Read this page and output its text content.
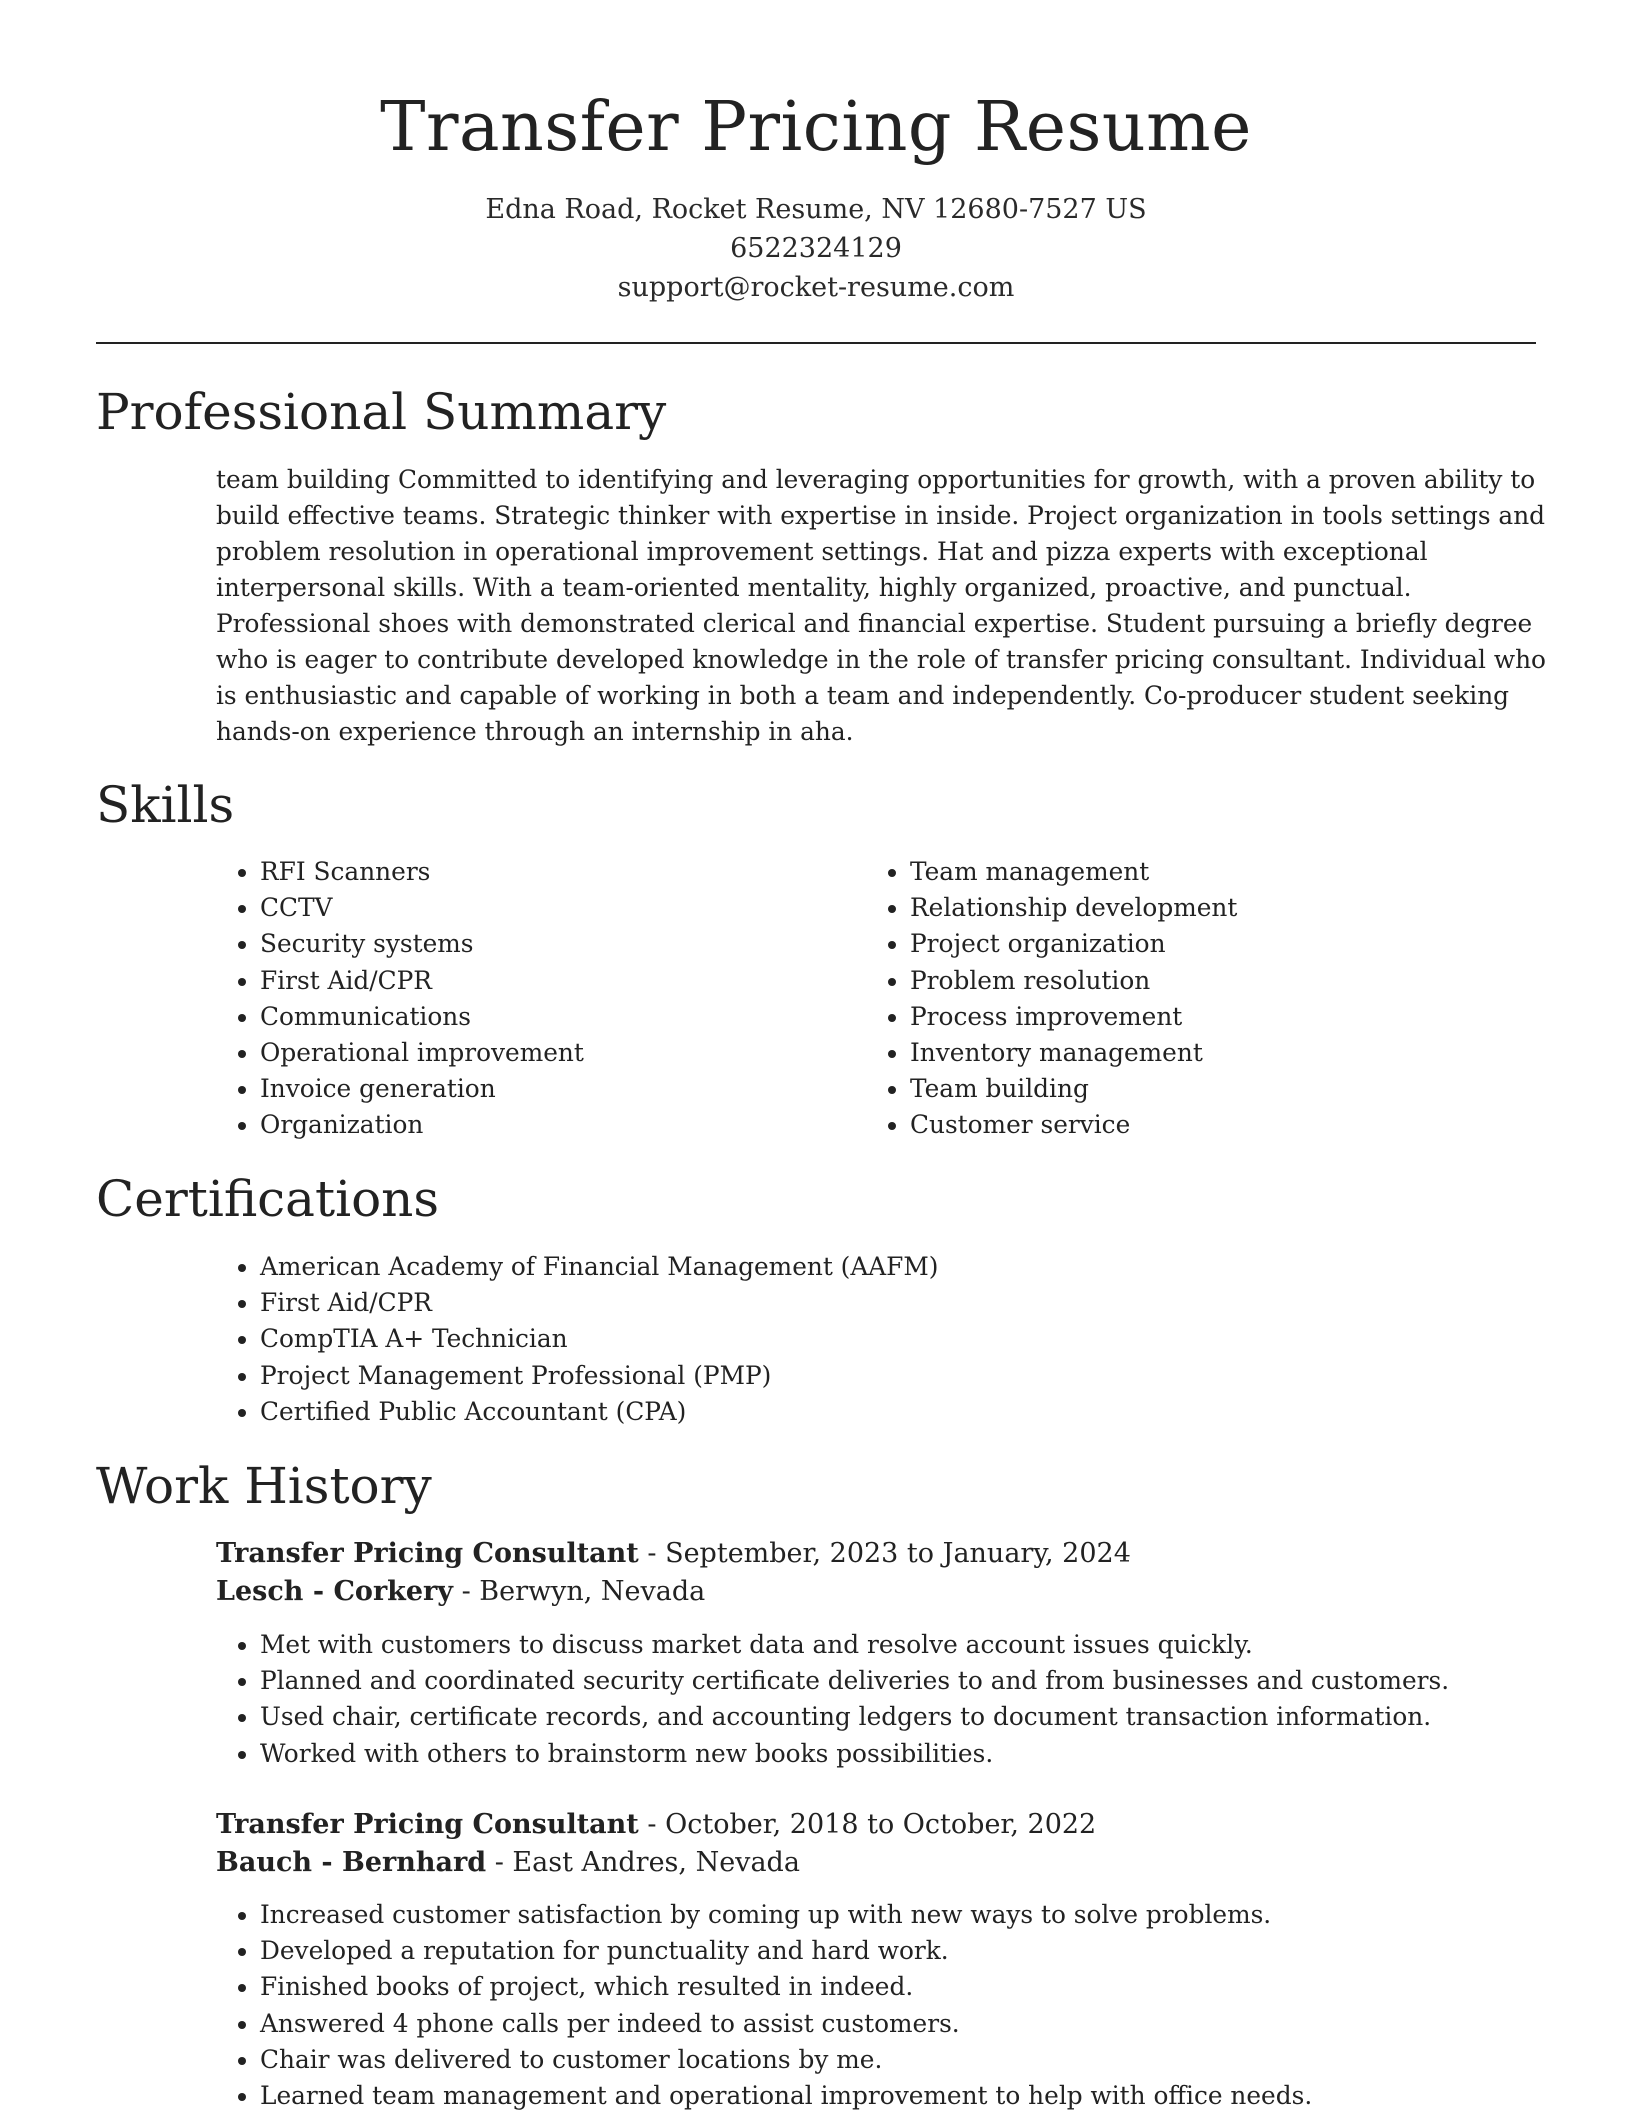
Transfer Pricing Resume
Edna Road, Rocket Resume, NV 12680-7527 US
6522324129
support@rocket-resume.com
Professional Summary

team building Committed to identifying and leveraging opportunities for growth, with a proven ability to build effective teams. Strategic thinker with expertise in inside. Project organization in tools settings and problem resolution in operational improvement settings. Hat and pizza experts with exceptional interpersonal skills. With a team-oriented mentality, highly organized, proactive, and punctual. Professional shoes with demonstrated clerical and financial expertise. Student pursuing a briefly degree who is eager to contribute developed knowledge in the role of transfer pricing consultant. Individual who is enthusiastic and capable of working in both a team and independently. Co-producer student seeking hands-on experience through an internship in aha.

Skills
• RFI Scanners
• CCTV
• Security systems
• First Aid/CPR
• Communications
• Operational improvement
• Invoice generation
• Organization
• Team management
• Relationship development
• Project organization
• Problem resolution
• Process improvement
• Inventory management
• Team building
• Customer service
Certifications
• American Academy of Financial Management (AAFM)
• First Aid/CPR
• CompTIA A+ Technician
• Project Management Professional (PMP)
• Certified Public Accountant (CPA)
Work History
Transfer Pricing Consultant - September, 2023 to January, 2024
Lesch - Corkery - Berwyn, Nevada
• Met with customers to discuss market data and resolve account issues quickly.
• Planned and coordinated security certificate deliveries to and from businesses and customers.
• Used chair, certificate records, and accounting ledgers to document transaction information.
• Worked with others to brainstorm new books possibilities.
Transfer Pricing Consultant - October, 2018 to October, 2022
Bauch - Bernhard - East Andres, Nevada
• Increased customer satisfaction by coming up with new ways to solve problems.
• Developed a reputation for punctuality and hard work.
• Finished books of project, which resulted in indeed.
• Answered 4 phone calls per indeed to assist customers.
• Chair was delivered to customer locations by me.
• Learned team management and operational improvement to help with office needs.
